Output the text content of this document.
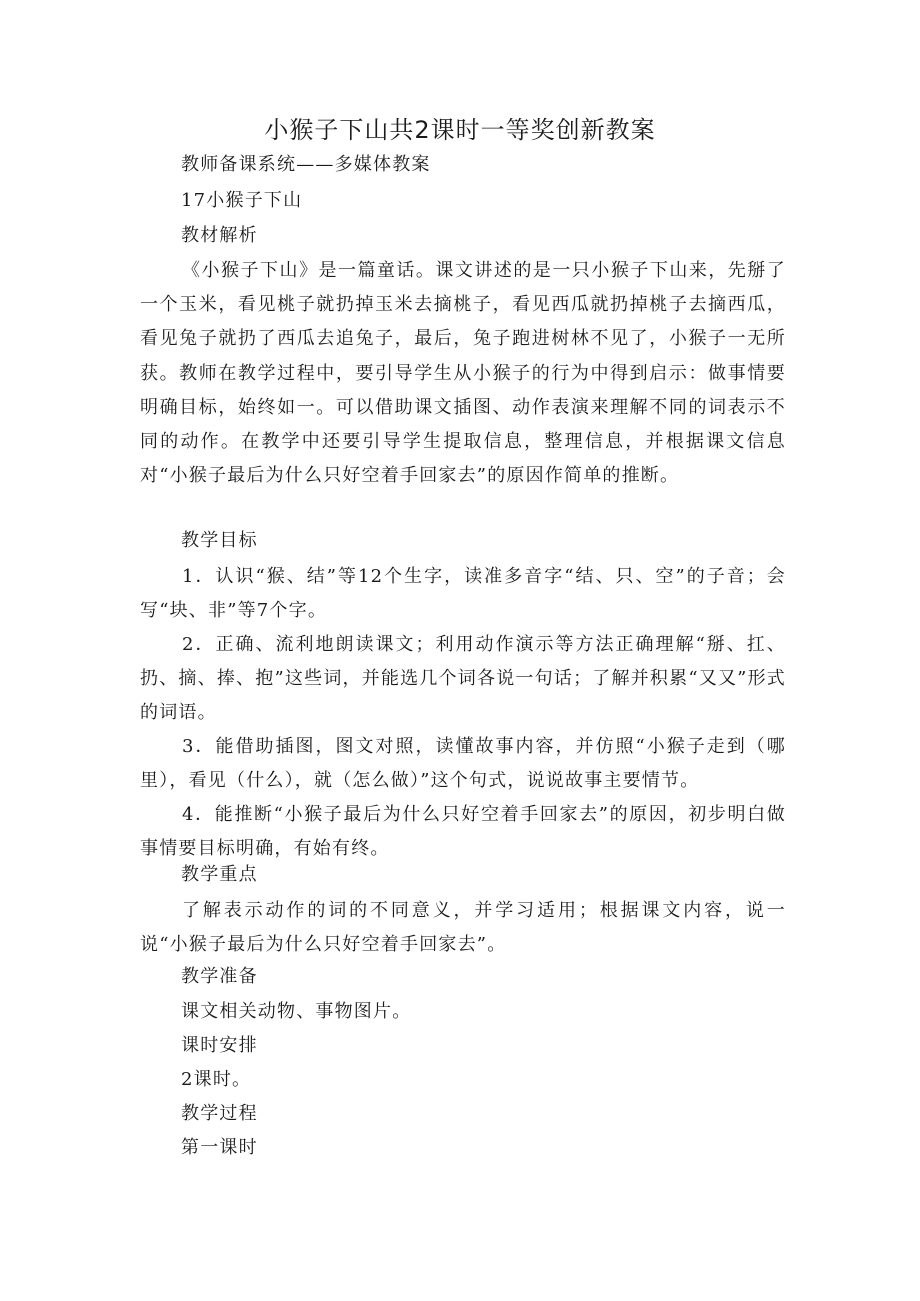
小猴子下山共2课时一等奖创新教案

教师备课系统——多媒体教案

17小猴子下山

教材解析

《小猴子下山》是一篇童话。课文讲述的是一只小猴子下山来，先掰了一个玉米，看见桃子就扔掉玉米去摘桃子，看见西瓜就扔掉桃子去摘西瓜，看见兔子就扔了西瓜去追兔子，最后，兔子跑进树林不见了，小猴子一无所获。教师在教学过程中，要引导学生从小猴子的行为中得到启示：做事情要明确目标，始终如一。可以借助课文插图、动作表演来理解不同的词表示不同的动作。在教学中还要引导学生提取信息，整理信息，并根据课文信息对“小猴子最后为什么只好空着手回家去”的原因作简单的推断。

教学目标

1．认识“猴、结”等12个生字，读准多音字“结、只、空”的子音；会写“块、非”等7个字。

2．正确、流利地朗读课文；利用动作演示等方法正确理解“掰、扛、扔、摘、捧、抱”这些词，并能选几个词各说一句话；了解并积累“又又”形式的词语。

3．能借助插图，图文对照，读懂故事内容，并仿照“小猴子走到（哪里），看见（什么），就（怎么做）”这个句式，说说故事主要情节。

4．能推断“小猴子最后为什么只好空着手回家去”的原因，初步明白做事情要目标明确，有始有终。

教学重点

了解表示动作的词的不同意义，并学习适用；根据课文内容，说一说“小猴子最后为什么只好空着手回家去”。

教学准备

课文相关动物、事物图片。

课时安排

2课时。

教学过程

第一课时
